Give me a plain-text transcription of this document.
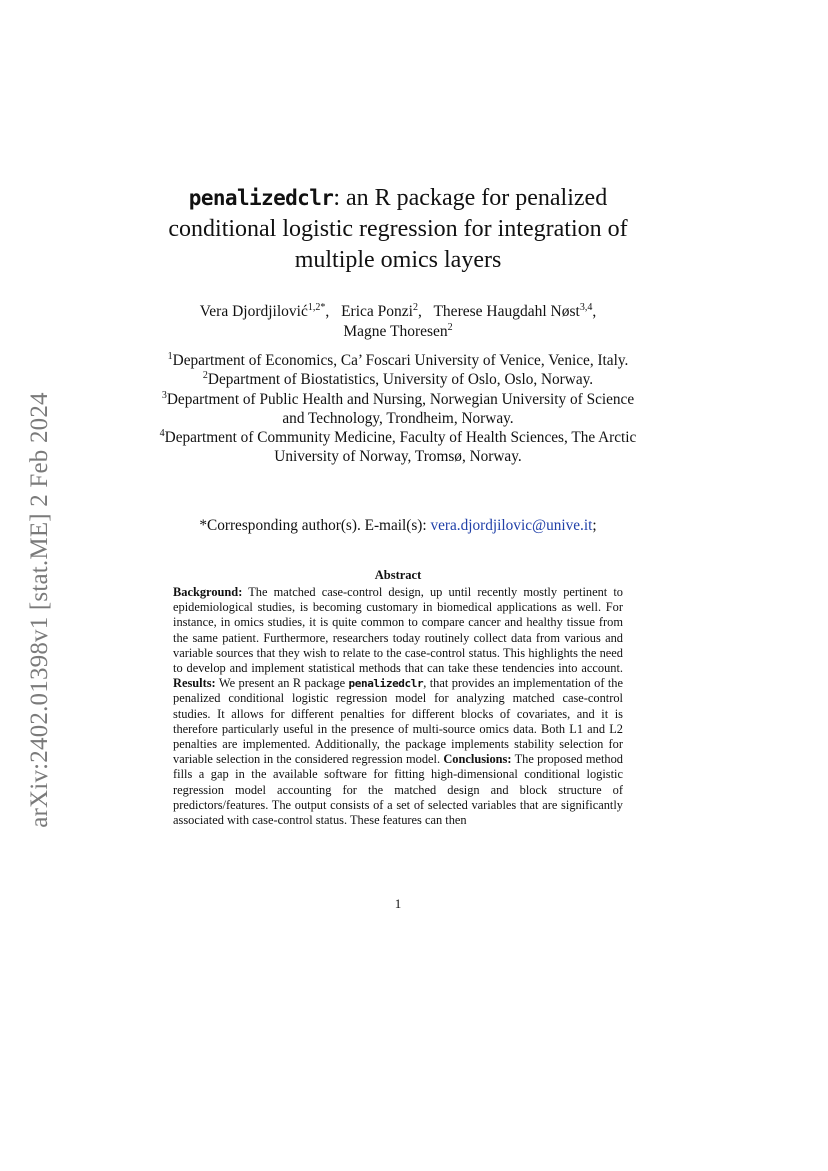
arXiv:2402.01398v1 [stat.ME] 2 Feb 2024
penalizedclr: an R package for penalized conditional logistic regression for integration of multiple omics layers
Vera Djordjilović$^{1,2*}$, Erica Ponzi$^2$, Therese Haugdahl Nøst$^{3,4}$,
Magne Thoresen$^2$
$^1$Department of Economics, Ca’ Foscari University of Venice, Venice, Italy.
$^2$Department of Biostatistics, University of Oslo, Oslo, Norway.
$^3$Department of Public Health and Nursing, Norwegian University of Science and Technology, Trondheim, Norway.
$^4$Department of Community Medicine, Faculty of Health Sciences, The Arctic University of Norway, Tromsø, Norway.
*Corresponding author(s). E-mail(s): vera.djordjilovic@unive.it;
Abstract
Background: The matched case-control design, up until recently mostly pertinent to epidemiological studies, is becoming customary in biomedical applications as well. For instance, in omics studies, it is quite common to compare cancer and healthy tissue from the same patient. Furthermore, researchers today routinely collect data from various and variable sources that they wish to relate to the case-control status. This highlights the need to develop and implement statistical methods that can take these tendencies into account. Results: We present an R package penalizedclr, that provides an implementation of the penalized conditional logistic regression model for analyzing matched case-control studies. It allows for different penalties for different blocks of covariates, and it is therefore particularly useful in the presence of multi-source omics data. Both L1 and L2 penalties are implemented. Additionally, the package implements stability selection for variable selection in the considered regression model. Conclusions: The proposed method fills a gap in the available software for fitting high-dimensional conditional logistic regression model accounting for the matched design and block structure of predictors/features. The output consists of a set of selected variables that are significantly associated with case-control status. These features can then
1
